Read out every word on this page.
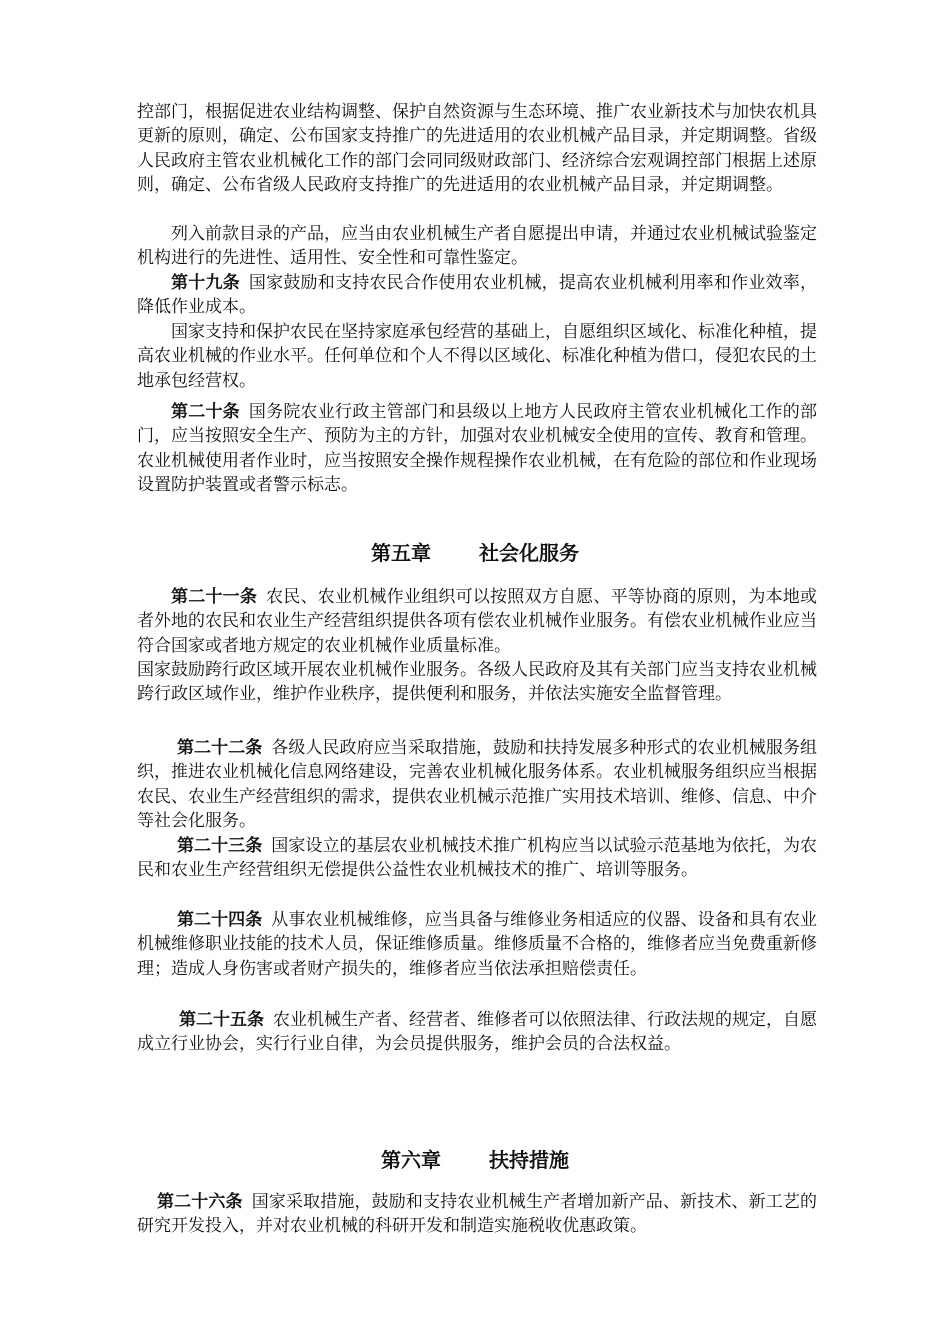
控部门，根据促进农业结构调整、保护自然资源与生态环境、推广农业新技术与加快农机具更新的原则，确定、公布国家支持推广的先进适用的农业机械产品目录，并定期调整。省级人民政府主管农业机械化工作的部门会同同级财政部门、经济综合宏观调控部门根据上述原则，确定、公布省级人民政府支持推广的先进适用的农业机械产品目录，并定期调整。
列入前款目录的产品，应当由农业机械生产者自愿提出申请，并通过农业机械试验鉴定机构进行的先进性、适用性、安全性和可靠性鉴定。
第十九条 国家鼓励和支持农民合作使用农业机械，提高农业机械利用率和作业效率，降低作业成本。
国家支持和保护农民在坚持家庭承包经营的基础上，自愿组织区域化、标准化种植，提高农业机械的作业水平。任何单位和个人不得以区域化、标准化种植为借口，侵犯农民的土地承包经营权。
第二十条 国务院农业行政主管部门和县级以上地方人民政府主管农业机械化工作的部门，应当按照安全生产、预防为主的方针，加强对农业机械安全使用的宣传、教育和管理。 农业机械使用者作业时，应当按照安全操作规程操作农业机械，在有危险的部位和作业现场设置防护装置或者警示标志。
第五章 社会化服务
第二十一条 农民、农业机械作业组织可以按照双方自愿、平等协商的原则，为本地或者外地的农民和农业生产经营组织提供各项有偿农业机械作业服务。有偿农业机械作业应当符合国家或者地方规定的农业机械作业质量标准。
国家鼓励跨行政区域开展农业机械作业服务。各级人民政府及其有关部门应当支持农业机械跨行政区域作业，维护作业秩序，提供便利和服务，并依法实施安全监督管理。
第二十二条 各级人民政府应当采取措施，鼓励和扶持发展多种形式的农业机械服务组织，推进农业机械化信息网络建设，完善农业机械化服务体系。农业机械服务组织应当根据农民、农业生产经营组织的需求，提供农业机械示范推广实用技术培训、维修、信息、中介等社会化服务。
第二十三条 国家设立的基层农业机械技术推广机构应当以试验示范基地为依托，为农民和农业生产经营组织无偿提供公益性农业机械技术的推广、培训等服务。
第二十四条 从事农业机械维修，应当具备与维修业务相适应的仪器、设备和具有农业机械维修职业技能的技术人员，保证维修质量。维修质量不合格的，维修者应当免费重新修理；造成人身伤害或者财产损失的，维修者应当依法承担赔偿责任。
第二十五条 农业机械生产者、经营者、维修者可以依照法律、行政法规的规定，自愿成立行业协会，实行行业自律，为会员提供服务，维护会员的合法权益。
第六章 扶持措施
第二十六条 国家采取措施，鼓励和支持农业机械生产者增加新产品、新技术、新工艺的研究开发投入，并对农业机械的科研开发和制造实施税收优惠政策。
